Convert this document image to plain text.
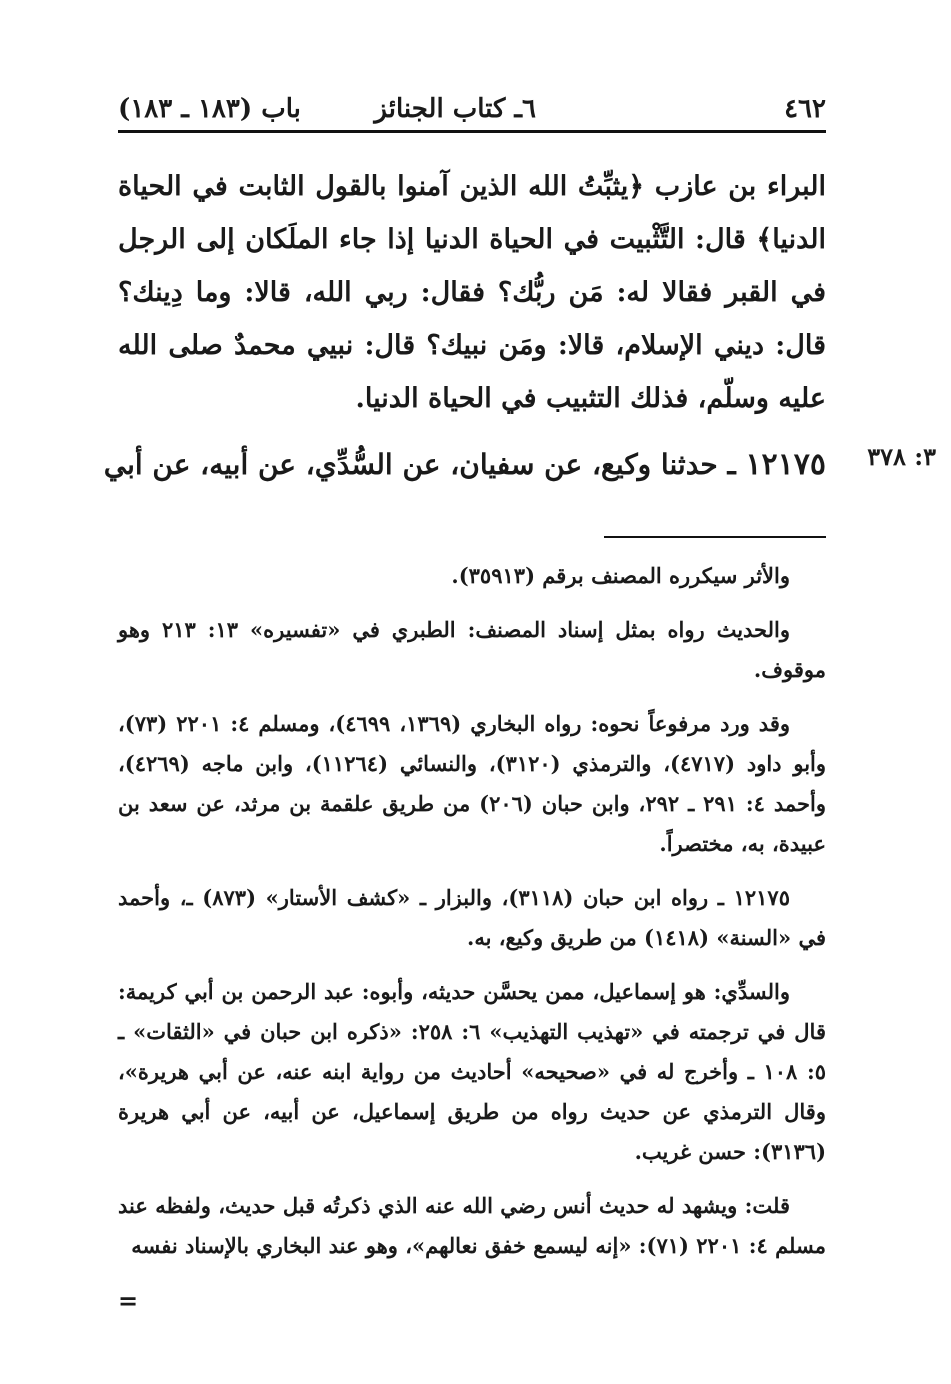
٤٦٢
٦ـ كتاب الجنائز
باب (١٨٣ ـ ١٨٣)

البراء بن عازب ﴿يثبِّتُ الله الذين آمنوا بالقول الثابت في الحياة الدنيا﴾ قال: التَّثْبيت في الحياة الدنيا إذا جاء الملَكان إلى الرجل في القبر فقالا له: مَن ربُّك؟ فقال: ربي الله، قالا: وما دِينك؟ قال: ديني الإسلام، قالا: ومَن نبيك؟ قال: نبيي محمدٌ صلى الله عليه وسلّم، فذلك التثبيب في الحياة الدنيا.

٣: ٣٧٨
١٢١٧٥ ـ حدثنا وكيع، عن سفيان، عن السُّدِّي، عن أبيه، عن أبي

والأثر سيكرره المصنف برقم (٣٥٩١٣).

والحديث رواه بمثل إسناد المصنف: الطبري في «تفسيره» ١٣: ٢١٣ وهو موقوف.

وقد ورد مرفوعاً نحوه: رواه البخاري (١٣٦٩، ٤٦٩٩)، ومسلم ٤: ٢٢٠١ (٧٣)، وأبو داود (٤٧١٧)، والترمذي (٣١٢٠)، والنسائي (١١٢٦٤)، وابن ماجه (٤٢٦٩)، وأحمد ٤: ٢٩١ ـ ٢٩٢، وابن حبان (٢٠٦) من طريق علقمة بن مرثد، عن سعد بن عبيدة، به، مختصراً.

١٢١٧٥ ـ رواه ابن حبان (٣١١٨)، والبزار ـ «كشف الأستار» (٨٧٣) ـ، وأحمد في «السنة» (١٤١٨) من طريق وكيع، به.

والسدِّي: هو إسماعيل، ممن يحسَّن حديثه، وأبوه: عبد الرحمن بن أبي كريمة: قال في ترجمته في «تهذيب التهذيب» ٦: ٢٥٨: «ذكره ابن حبان في «الثقات» ـ ٥: ١٠٨ ـ وأخرج له في «صحيحه» أحاديث من رواية ابنه عنه، عن أبي هريرة»، وقال الترمذي عن حديث رواه من طريق إسماعيل، عن أبيه، عن أبي هريرة (٣١٣٦): حسن غريب.

قلت: ويشهد له حديث أنس رضي الله عنه الذي ذكرتُه قبل حديث، ولفظه عند مسلم ٤: ٢٢٠١ (٧١): «إنه ليسمع خفق نعالهم»، وهو عند البخاري بالإسناد نفسه

=
